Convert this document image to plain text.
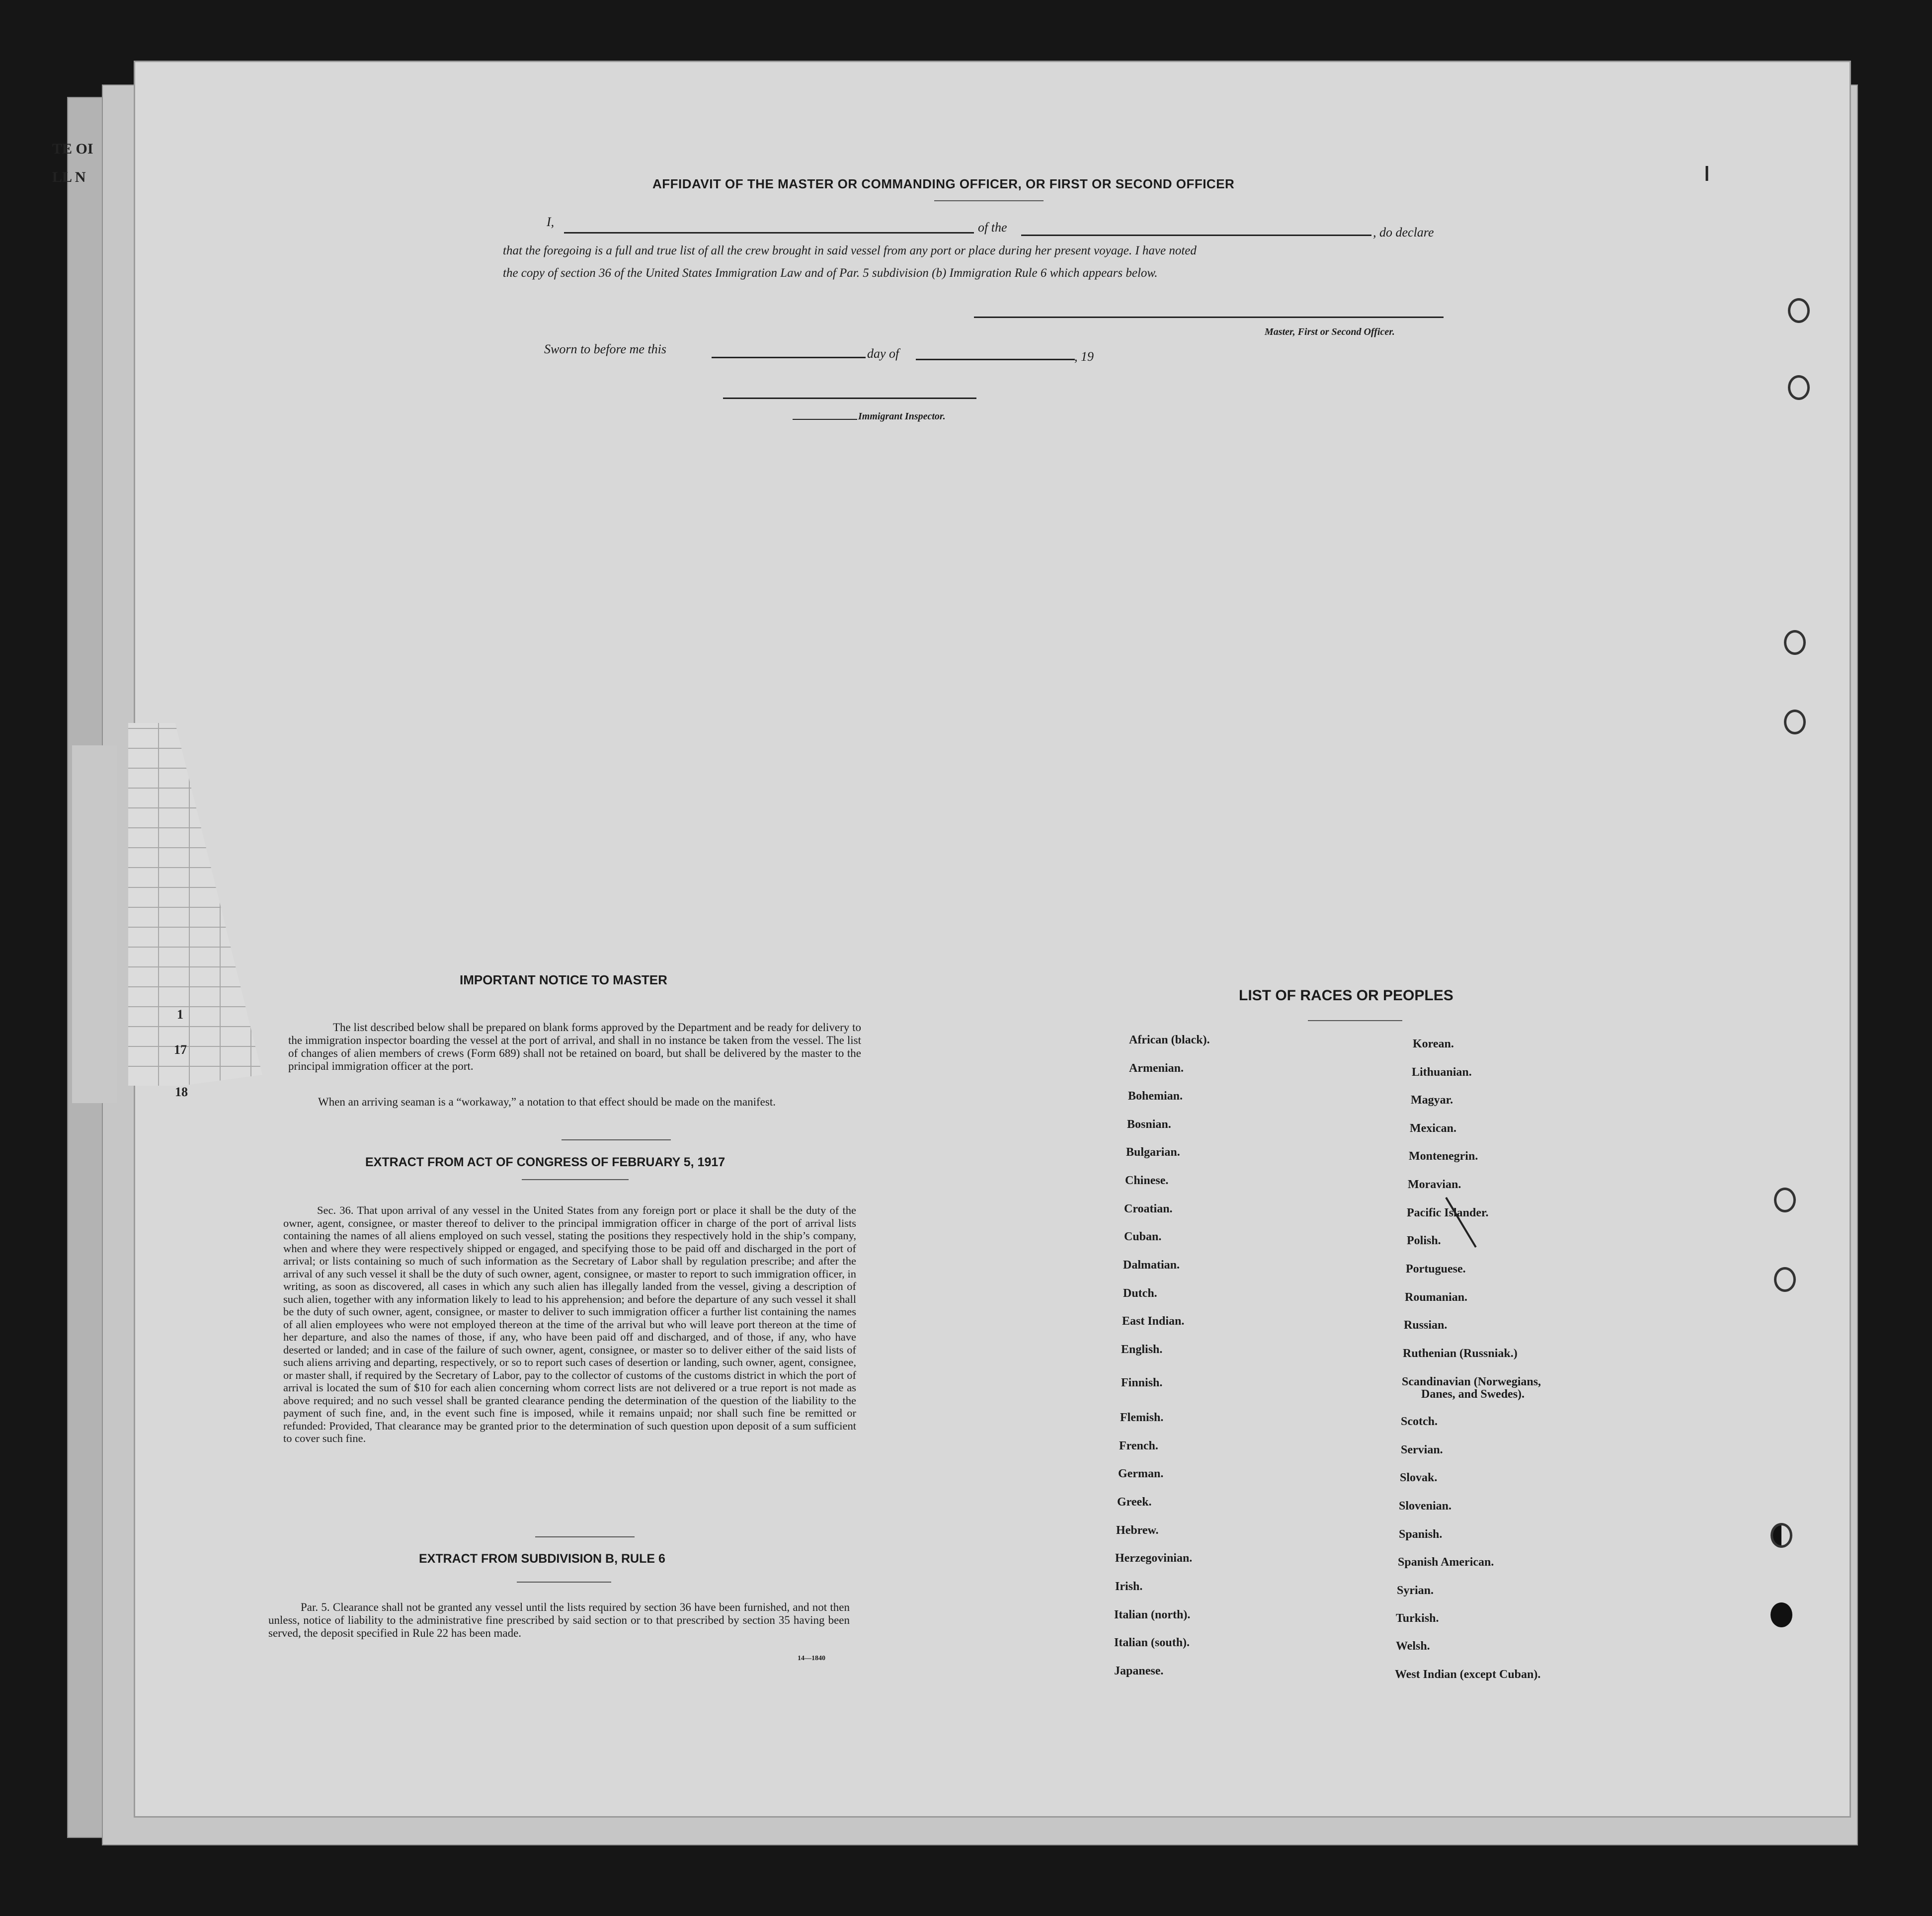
TE OI
LL N
1
17
18
AFFIDAVIT OF THE MASTER OR COMMANDING OFFICER, OR FIRST OR SECOND OFFICER
I,	of the	, do declare
that the foregoing is a full and true list of all the crew brought in said vessel from any port or place during her present voyage. I have noted
the copy of section 36 of the United States Immigration Law and of Par. 5 subdivision (b) Immigration Rule 6 which appears below.
Master, First or Second Officer.
Sworn to before me this	day of	, 19
Immigrant Inspector.
IMPORTANT NOTICE TO MASTER
The list described below shall be prepared on blank forms approved by the Department and be ready for delivery to the immigration inspector boarding the vessel at the port of arrival, and shall in no instance be taken from the vessel. The list of changes of alien members of crews (Form 689) shall not be retained on board, but shall be delivered by the master to the principal immigration officer at the port.
When an arriving seaman is a “workaway,” a notation to that effect should be made on the manifest.
EXTRACT FROM ACT OF CONGRESS OF FEBRUARY 5, 1917
Sec. 36. That upon arrival of any vessel in the United States from any foreign port or place it shall be the duty of the owner, agent, consignee, or master thereof to deliver to the principal immigration officer in charge of the port of arrival lists containing the names of all aliens employed on such vessel, stating the positions they respectively hold in the ship’s company, when and where they were respectively shipped or engaged, and specifying those to be paid off and discharged in the port of arrival; or lists containing so much of such information as the Secretary of Labor shall by regulation prescribe; and after the arrival of any such vessel it shall be the duty of such owner, agent, consignee, or master to report to such immigration officer, in writing, as soon as discovered, all cases in which any such alien has illegally landed from the vessel, giving a description of such alien, together with any information likely to lead to his apprehension; and before the departure of any such vessel it shall be the duty of such owner, agent, consignee, or master to deliver to such immigration officer a further list containing the names of all alien employees who were not employed thereon at the time of the arrival but who will leave port thereon at the time of her departure, and also the names of those, if any, who have been paid off and discharged, and of those, if any, who have deserted or landed; and in case of the failure of such owner, agent, consignee, or master so to deliver either of the said lists of such aliens arriving and departing, respectively, or so to report such cases of desertion or landing, such owner, agent, consignee, or master shall, if required by the Secretary of Labor, pay to the collector of customs of the customs district in which the port of arrival is located the sum of $10 for each alien concerning whom correct lists are not delivered or a true report is not made as above required; and no such vessel shall be granted clearance pending the determination of the question of the liability to the payment of such fine, and, in the event such fine is imposed, while it remains unpaid; nor shall such fine be remitted or refunded: Provided, That clearance may be granted prior to the determination of such question upon deposit of a sum sufficient to cover such fine.
EXTRACT FROM SUBDIVISION B, RULE 6
Par. 5. Clearance shall not be granted any vessel until the lists required by section 36 have been furnished, and not then unless, notice of liability to the administrative fine prescribed by said section or to that prescribed by section 35 having been served, the deposit specified in Rule 22 has been made.
14—1840
LIST OF RACES OR PEOPLES
African (black).
Armenian.
Bohemian.
Bosnian.
Bulgarian.
Chinese.
Croatian.
Cuban.
Dalmatian.
Dutch.
East Indian.
English.
Finnish.
Flemish.
French.
German.
Greek.
Hebrew.
Herzegovinian.
Irish.
Italian (north).
Italian (south).
Japanese.
Korean.
Lithuanian.
Magyar.
Mexican.
Montenegrin.
Moravian.
Pacific Islander.
Polish.
Portuguese.
Roumanian.
Russian.
Ruthenian (Russniak.)
Scandinavian (Norwegians,
Danes, and Swedes).
Scotch.
Servian.
Slovak.
Slovenian.
Spanish.
Spanish American.
Syrian.
Turkish.
Welsh.
West Indian (except Cuban).
